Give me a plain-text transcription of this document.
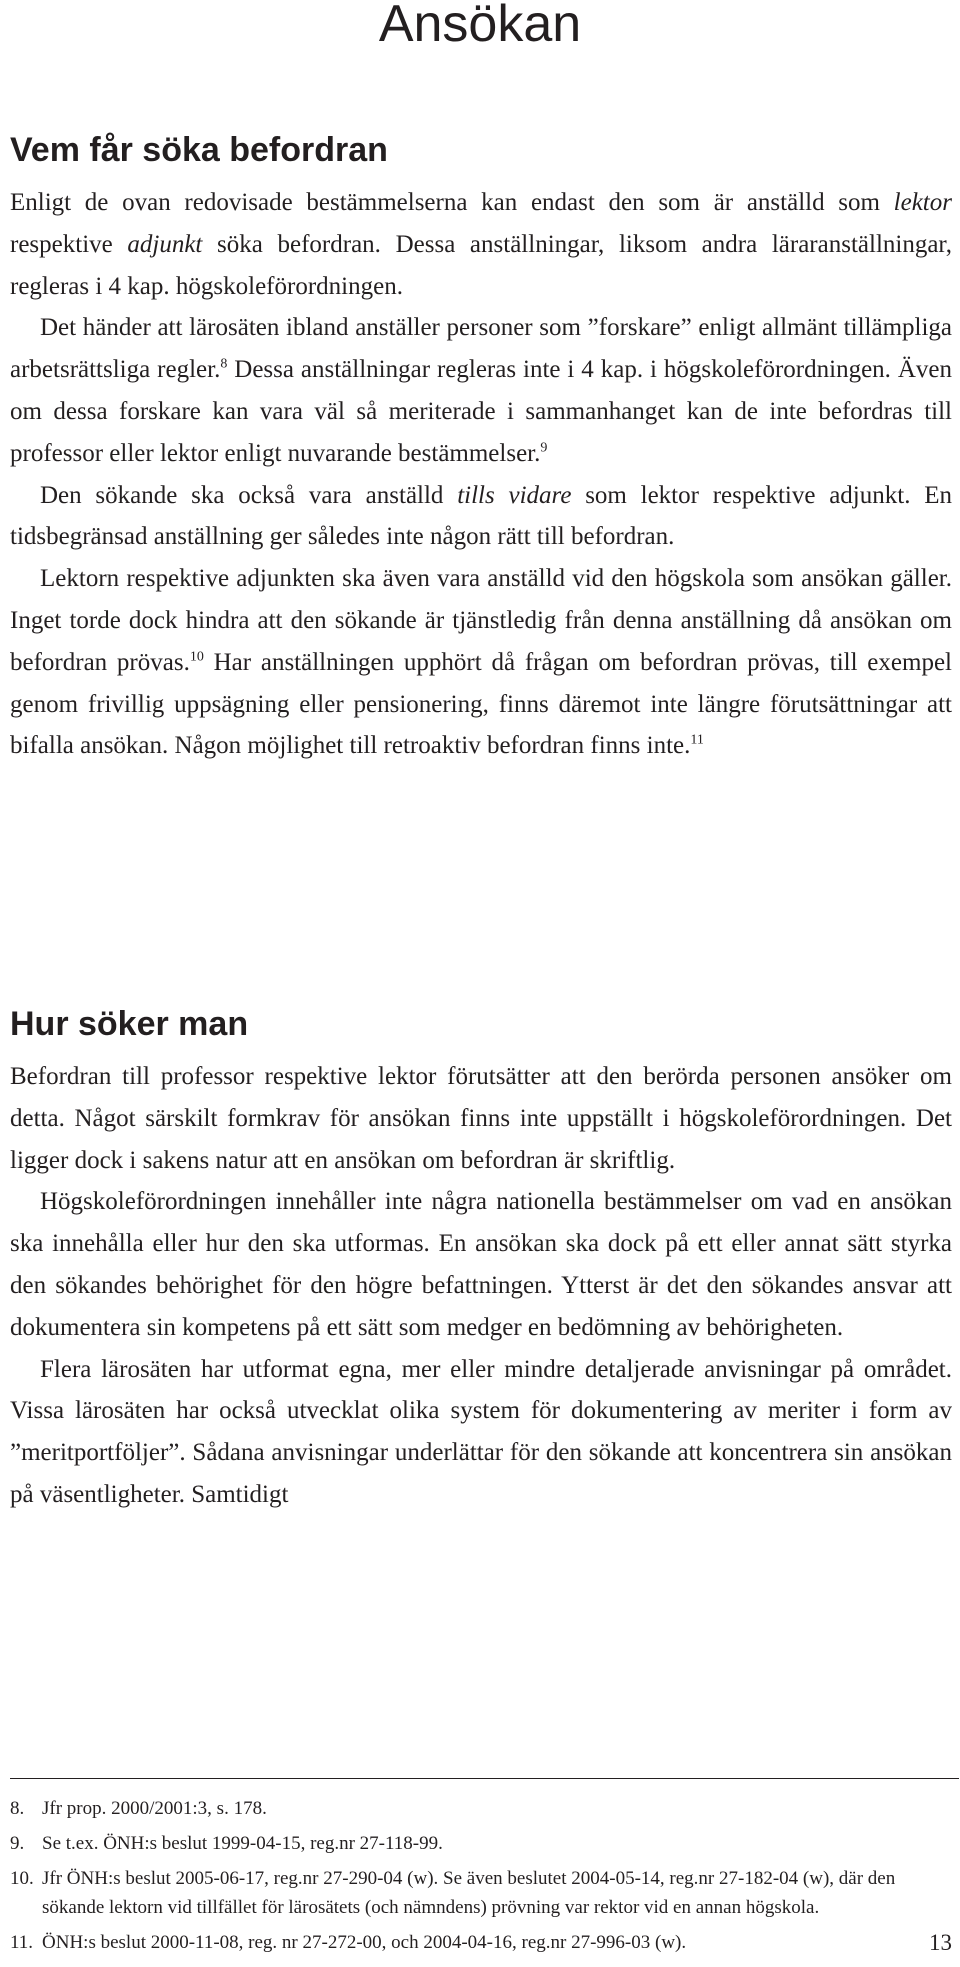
Ansökan
Vem får söka befordran

Enligt de ovan redovisade bestämmelserna kan endast den som är anställd som lektor respektive adjunkt söka befordran. Dessa anställningar, liksom andra läraranställningar, regleras i 4 kap. högskoleförordningen.

Det händer att lärosäten ibland anställer personer som ”forskare” enligt allmänt tillämpliga arbetsrättsliga regler.$^8$ Dessa anställningar regleras inte i 4 kap. i högskoleförordningen. Även om dessa forskare kan vara väl så meriterade i sammanhanget kan de inte befordras till professor eller lektor enligt nuvarande bestämmelser.$^9$

Den sökande ska också vara anställd tills vidare som lektor respektive adjunkt. En tidsbegränsad anställning ger således inte någon rätt till befordran.

Lektorn respektive adjunkten ska även vara anställd vid den högskola som ansökan gäller. Inget torde dock hindra att den sökande är tjänstledig från denna anställning då ansökan om befordran prövas.$^{10}$ Har anställningen upphört då frågan om befordran prövas, till exempel genom frivillig uppsägning eller pensionering, finns däremot inte längre förutsättningar att bifalla ansökan. Någon möjlighet till retroaktiv befordran finns inte.$^{11}$

Hur söker man

Befordran till professor respektive lektor förutsätter att den berörda personen ansöker om detta. Något särskilt formkrav för ansökan finns inte uppställt i högskoleförordningen. Det ligger dock i sakens natur att en ansökan om befordran är skriftlig.

Högskoleförordningen innehåller inte några nationella bestämmelser om vad en ansökan ska innehålla eller hur den ska utformas. En ansökan ska dock på ett eller annat sätt styrka den sökandes behörighet för den högre befattningen. Ytterst är det den sökandes ansvar att dokumentera sin kompetens på ett sätt som medger en bedömning av behörigheten.

Flera lärosäten har utformat egna, mer eller mindre detaljerade anvisningar på området. Vissa lärosäten har också utvecklat olika system för dokumentering av meriter i form av ”meritportföljer”. Sådana anvisningar underlättar för den sökande att koncentrera sin ansökan på väsentligheter. Samtidigt

8. Jfr prop. 2000/2001:3, s. 178.
9. Se t.ex. ÖNH:s beslut 1999-04-15, reg.nr 27-118-99.
10. Jfr ÖNH:s beslut 2005-06-17, reg.nr 27-290-04 (w). Se även beslutet 2004-05-14, reg.nr 27-182-04 (w), där den sökande lektorn vid tillfället för lärosätets (och nämndens) prövning var rektor vid en annan högskola.
11. ÖNH:s beslut 2000-11-08, reg. nr 27-272-00, och 2004-04-16, reg.nr 27-996-03 (w).	13
